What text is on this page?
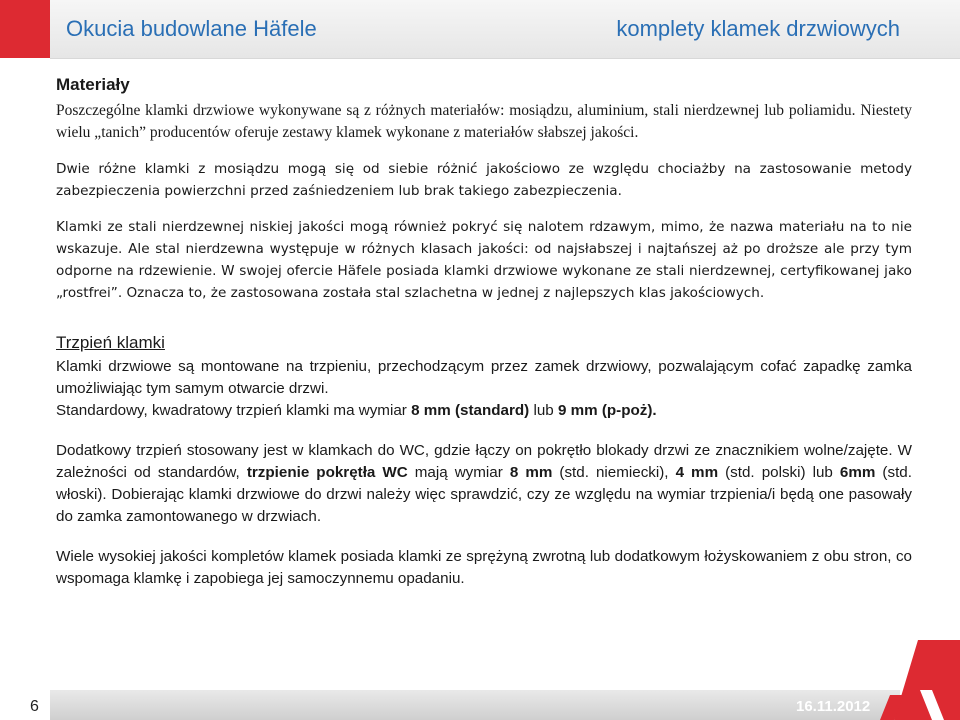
Okucia budowlane Häfele	komplety klamek drzwiowych
Materiały

Poszczególne klamki drzwiowe wykonywane są z różnych materiałów: mosiądzu, aluminium, stali nierdzewnej lub poliamidu. Niestety wielu „tanich” producentów oferuje zestawy klamek wykonane z materiałów słabszej jakości.

Dwie różne klamki z mosiądzu mogą się od siebie różnić jakościowo ze względu chociażby na zastosowanie metody zabezpieczenia powierzchni przed zaśniedzeniem lub brak takiego zabezpieczenia.

Klamki ze stali nierdzewnej niskiej jakości mogą również pokryć się nalotem rdzawym, mimo, że nazwa materiału na to nie wskazuje. Ale stal nierdzewna występuje w różnych klasach jakości: od najsłabszej i najtańszej aż po droższe ale przy tym odporne na rdzewienie. W swojej ofercie Häfele posiada klamki drzwiowe wykonane ze stali nierdzewnej, certyfikowanej jako „rostfrei”. Oznacza to, że zastosowana została stal szlachetna w jednej z najlepszych klas jakościowych.

Trzpień klamki

Klamki drzwiowe są montowane na trzpieniu, przechodzącym przez zamek drzwiowy, pozwalającym cofać zapadkę zamka umożliwiając tym samym otwarcie drzwi.

Standardowy, kwadratowy trzpień klamki ma wymiar 8 mm (standard) lub 9 mm (p-poż).

Dodatkowy trzpień stosowany jest w klamkach do WC, gdzie łączy on pokrętło blokady drzwi ze znacznikiem wolne/zajęte. W zależności od standardów, trzpienie pokrętła WC mają wymiar 8 mm (std. niemiecki), 4 mm (std. polski) lub 6mm (std. włoski). Dobierając klamki drzwiowe do drzwi należy więc sprawdzić, czy ze względu na wymiar trzpienia/i będą one pasowały do zamka zamontowanego w drzwiach.

Wiele wysokiej jakości kompletów klamek posiada klamki ze sprężyną zwrotną lub dodatkowym łożyskowaniem z obu stron, co wspomaga klamkę i zapobiega jej samoczynnemu opadaniu.

6	16.11.2012
